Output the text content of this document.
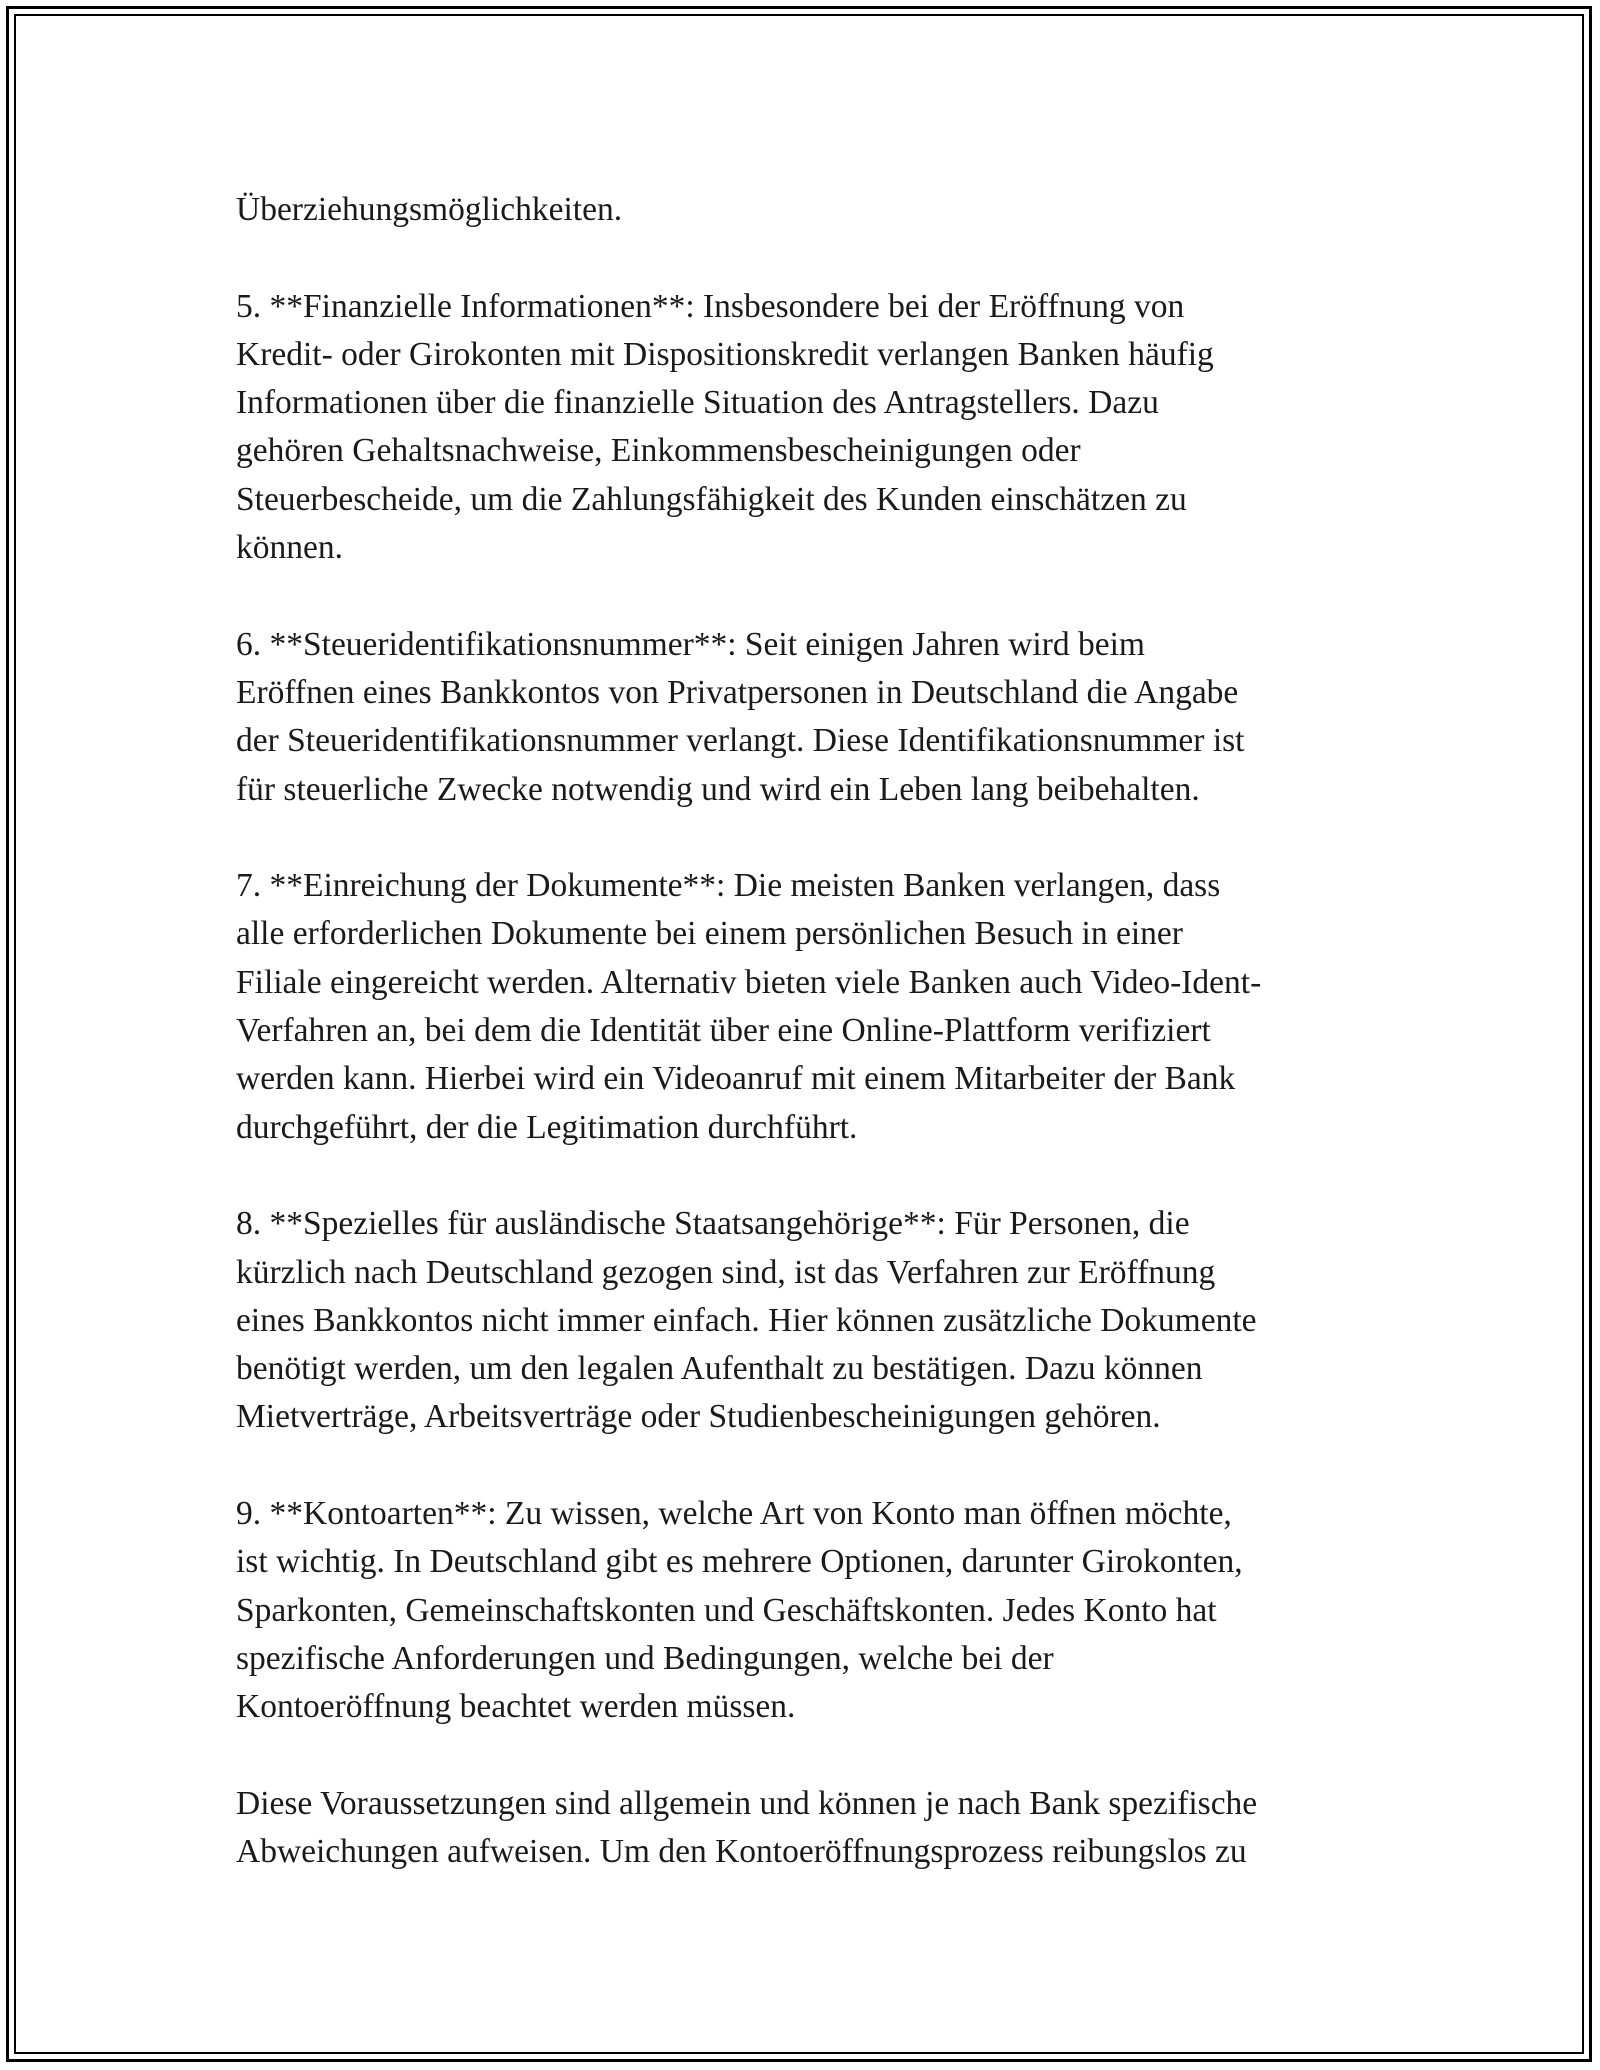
Überziehungsmöglichkeiten.

5. **Finanzielle Informationen**: Insbesondere bei der Eröffnung von
Kredit- oder Girokonten mit Dispositionskredit verlangen Banken häufig
Informationen über die finanzielle Situation des Antragstellers. Dazu
gehören Gehaltsnachweise, Einkommensbescheinigungen oder
Steuerbescheide, um die Zahlungsfähigkeit des Kunden einschätzen zu
können.

6. **Steueridentifikationsnummer**: Seit einigen Jahren wird beim
Eröffnen eines Bankkontos von Privatpersonen in Deutschland die Angabe
der Steueridentifikationsnummer verlangt. Diese Identifikationsnummer ist
für steuerliche Zwecke notwendig und wird ein Leben lang beibehalten.

7. **Einreichung der Dokumente**: Die meisten Banken verlangen, dass
alle erforderlichen Dokumente bei einem persönlichen Besuch in einer
Filiale eingereicht werden. Alternativ bieten viele Banken auch Video-Ident-
Verfahren an, bei dem die Identität über eine Online-Plattform verifiziert
werden kann. Hierbei wird ein Videoanruf mit einem Mitarbeiter der Bank
durchgeführt, der die Legitimation durchführt.

8. **Spezielles für ausländische Staatsangehörige**: Für Personen, die
kürzlich nach Deutschland gezogen sind, ist das Verfahren zur Eröffnung
eines Bankkontos nicht immer einfach. Hier können zusätzliche Dokumente
benötigt werden, um den legalen Aufenthalt zu bestätigen. Dazu können
Mietverträge, Arbeitsverträge oder Studienbescheinigungen gehören.

9. **Kontoarten**: Zu wissen, welche Art von Konto man öffnen möchte,
ist wichtig. In Deutschland gibt es mehrere Optionen, darunter Girokonten,
Sparkonten, Gemeinschaftskonten und Geschäftskonten. Jedes Konto hat
spezifische Anforderungen und Bedingungen, welche bei der
Kontoeröffnung beachtet werden müssen.

Diese Voraussetzungen sind allgemein und können je nach Bank spezifische
Abweichungen aufweisen. Um den Kontoeröffnungsprozess reibungslos zu
